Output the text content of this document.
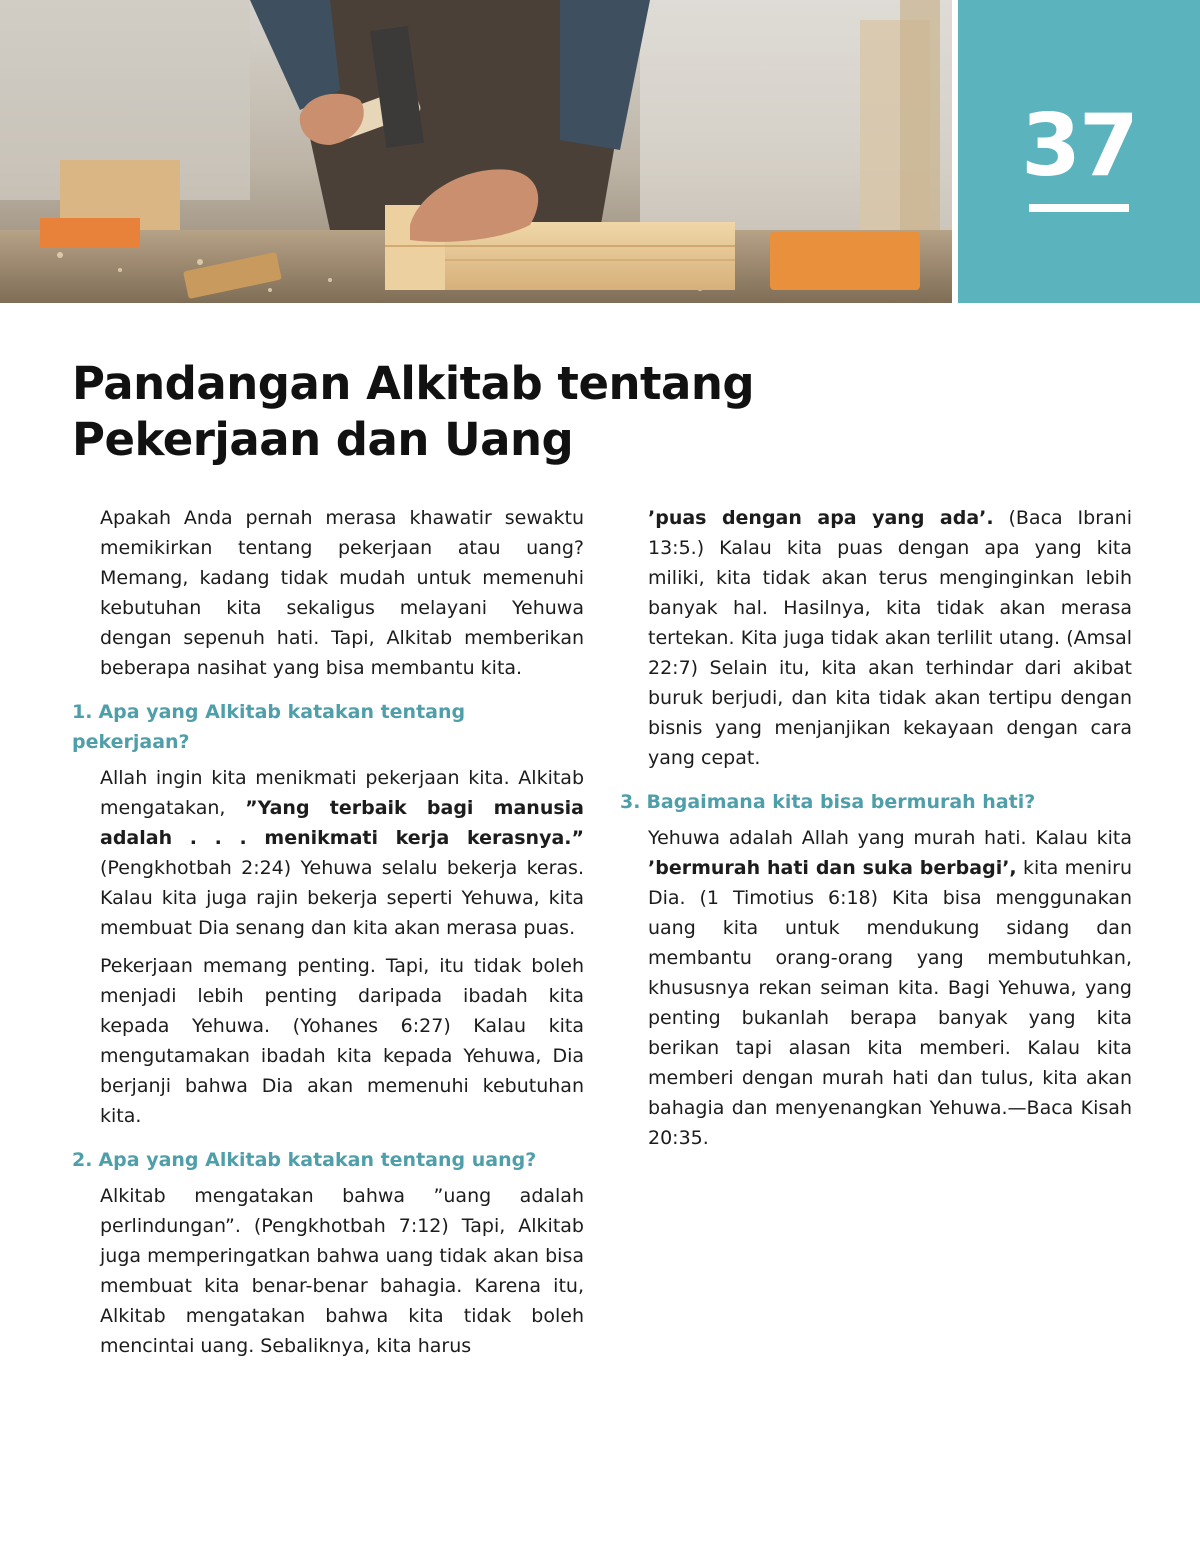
37
Pandangan Alkitab tentang
Pekerjaan dan Uang

Apakah Anda pernah merasa khawatir sewaktu memikirkan tentang pekerjaan atau uang? Memang, kadang tidak mudah untuk memenuhi kebutuhan kita sekaligus melayani Yehuwa dengan sepenuh hati. Tapi, Alkitab memberikan beberapa nasihat yang bisa membantu kita.

1. Apa yang Alkitab katakan tentang pekerjaan?

Allah ingin kita menikmati pekerjaan kita. Alkitab mengatakan, ”Yang terbaik bagi manusia adalah . . . menikmati kerja kerasnya.” (Pengkhotbah 2:24) Yehuwa selalu bekerja keras. Kalau kita juga rajin bekerja seperti Yehuwa, kita membuat Dia senang dan kita akan merasa puas.

Pekerjaan memang penting. Tapi, itu tidak boleh menjadi lebih penting daripada ibadah kita kepada Yehuwa. (Yohanes 6:27) Kalau kita mengutamakan ibadah kita kepada Yehuwa, Dia berjanji bahwa Dia akan memenuhi kebutuhan kita.

2. Apa yang Alkitab katakan tentang uang?

Alkitab mengatakan bahwa ”uang adalah perlindungan”. (Pengkhotbah 7:12) Tapi, Alkitab juga memperingatkan bahwa uang tidak akan bisa membuat kita benar-benar bahagia. Karena itu, Alkitab mengatakan bahwa kita tidak boleh mencintai uang. Sebaliknya, kita harus

’puas dengan apa yang ada’. (Baca Ibrani 13:5.) Kalau kita puas dengan apa yang kita miliki, kita tidak akan terus menginginkan lebih banyak hal. Hasilnya, kita tidak akan merasa tertekan. Kita juga tidak akan terlilit utang. (Amsal 22:7) Selain itu, kita akan terhindar dari akibat buruk berjudi, dan kita tidak akan tertipu dengan bisnis yang menjanjikan kekayaan dengan cara yang cepat.

3. Bagaimana kita bisa bermurah hati?

Yehuwa adalah Allah yang murah hati. Kalau kita ’bermurah hati dan suka berbagi’, kita meniru Dia. (1 Timotius 6:18) Kita bisa menggunakan uang kita untuk mendukung sidang dan membantu orang-orang yang membutuhkan, khususnya rekan seiman kita. Bagi Yehuwa, yang penting bukanlah berapa banyak yang kita berikan tapi alasan kita memberi. Kalau kita memberi dengan murah hati dan tulus, kita akan bahagia dan menyenangkan Yehuwa.—Baca Kisah 20:35.
